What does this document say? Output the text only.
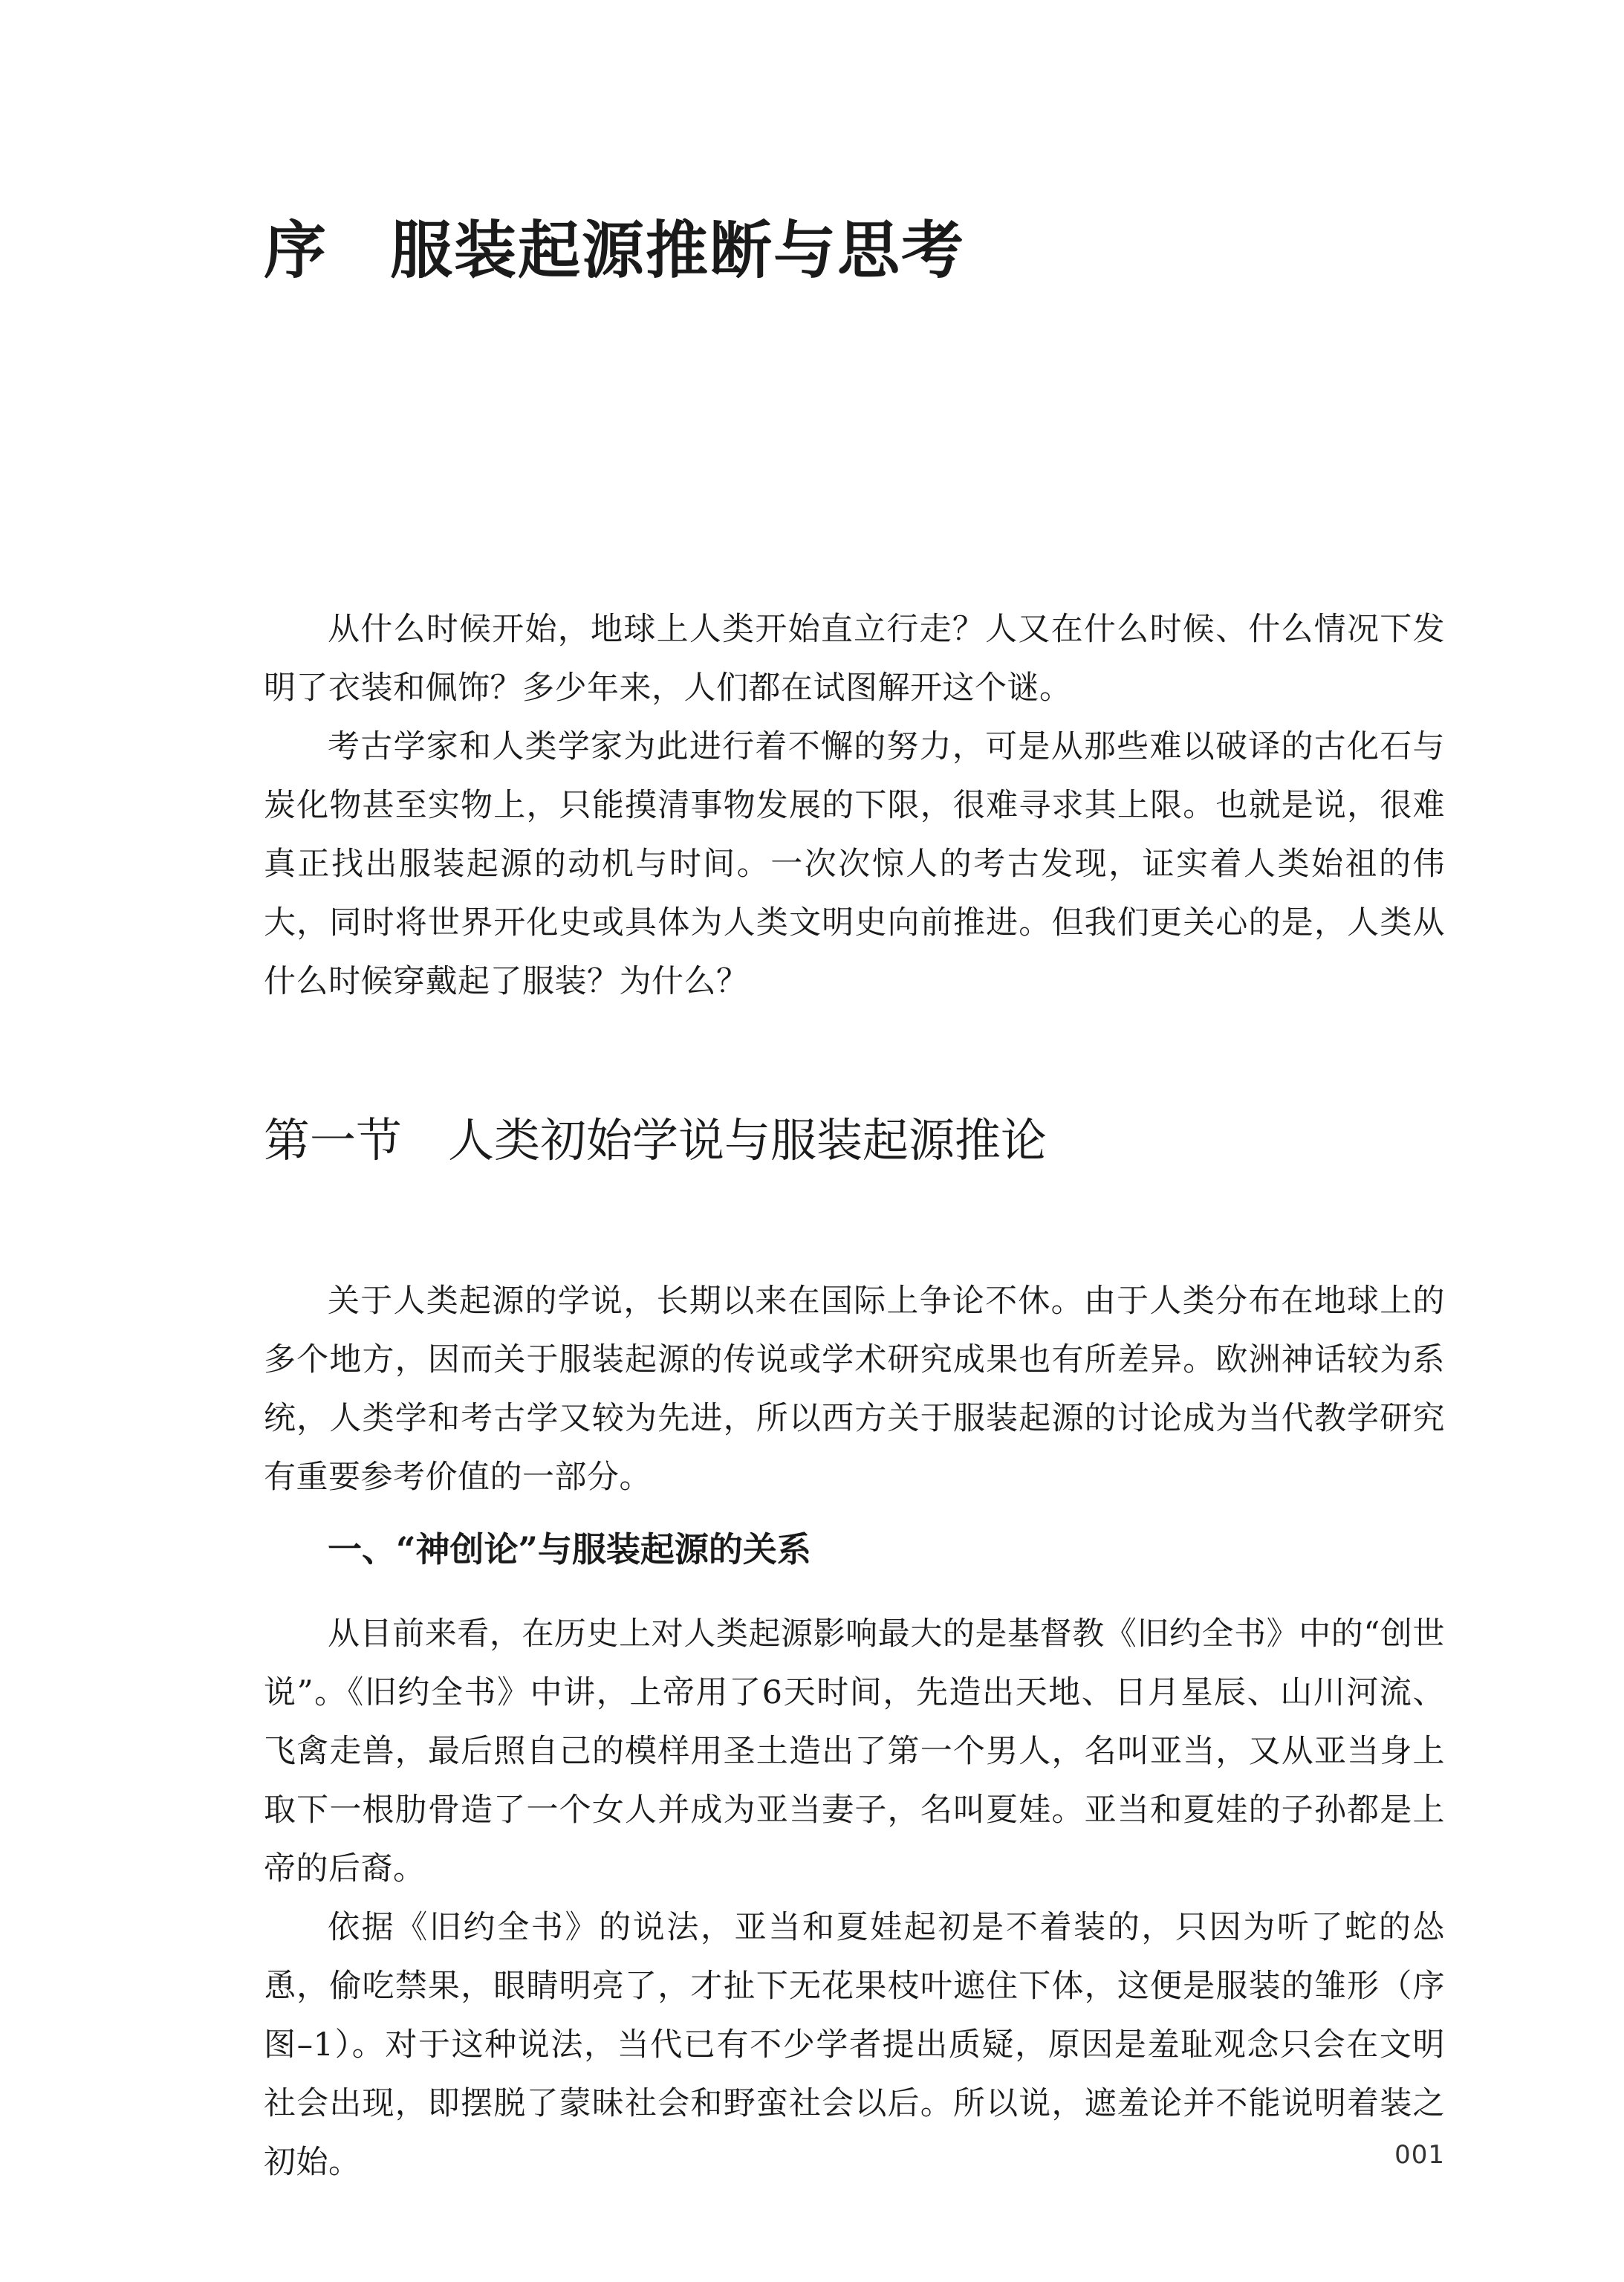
序 服装起源推断与思考

从什么时候开始，地球上人类开始直立行走？人又在什么时候、什么情况下发明了衣装和佩饰？多少年来，人们都在试图解开这个谜。

考古学家和人类学家为此进行着不懈的努力，可是从那些难以破译的古化石与炭化物甚至实物上，只能摸清事物发展的下限，很难寻求其上限。也就是说，很难真正找出服装起源的动机与时间。一次次惊人的考古发现，证实着人类始祖的伟大，同时将世界开化史或具体为人类文明史向前推进。但我们更关心的是，人类从什么时候穿戴起了服装？为什么？

第一节 人类初始学说与服装起源推论

关于人类起源的学说，长期以来在国际上争论不休。由于人类分布在地球上的多个地方，因而关于服装起源的传说或学术研究成果也有所差异。欧洲神话较为系统，人类学和考古学又较为先进，所以西方关于服装起源的讨论成为当代教学研究有重要参考价值的一部分。

一、“神创论”与服装起源的关系

从目前来看，在历史上对人类起源影响最大的是基督教《旧约全书》中的“创世说”。《旧约全书》中讲，上帝用了6天时间，先造出天地、日月星辰、山川河流、飞禽走兽，最后照自己的模样用圣土造出了第一个男人，名叫亚当，又从亚当身上取下一根肋骨造了一个女人并成为亚当妻子，名叫夏娃。亚当和夏娃的子孙都是上帝的后裔。

依据《旧约全书》的说法，亚当和夏娃起初是不着装的，只因为听了蛇的怂恿，偷吃禁果，眼睛明亮了，才扯下无花果枝叶遮住下体，这便是服装的雏形（序图–1）。对于这种说法，当代已有不少学者提出质疑，原因是羞耻观念只会在文明社会出现，即摆脱了蒙昧社会和野蛮社会以后。所以说，遮羞论并不能说明着装之初始。	001
